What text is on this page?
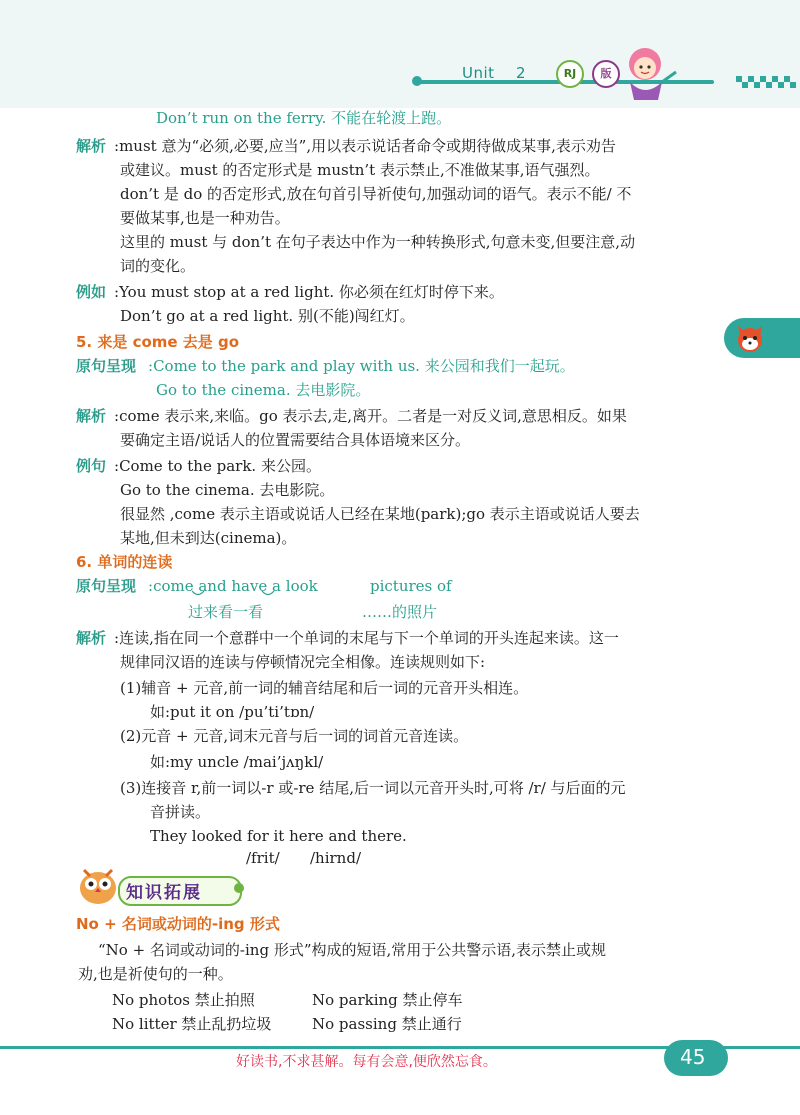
Unit 2	RJ	版
Don’t run on the ferry. 不能在轮渡上跑。
解析 :must 意为“必须,必要,应当”,用以表示说话者命令或期待做成某事,表示劝告
或建议。must 的否定形式是 mustn’t 表示禁止,不准做某事,语气强烈。
don’t 是 do 的否定形式,放在句首引导祈使句,加强动词的语气。表示不能/ 不
要做某事,也是一种劝告。
这里的 must 与 don’t 在句子表达中作为一种转换形式,句意未变,但要注意,动
词的变化。
例如 :You must stop at a red light. 你必须在红灯时停下来。
Don’t go at a red light. 别(不能)闯红灯。
5. 来是 come 去是 go
原句呈现 :Come to the park and play with us. 来公园和我们一起玩。
Go to the cinema. 去电影院。
解析 :come 表示来,来临。go 表示去,走,离开。二者是一对反义词,意思相反。如果
要确定主语/说话人的位置需要结合具体语境来区分。
例句 :Come to the park. 来公园。
Go to the cinema. 去电影院。
很显然 ,come 表示主语或说话人已经在某地(park);go 表示主语或说话人要去
某地,但未到达(cinema)。
6. 单词的连读
原句呈现 :come and have a look	pictures of
过来看一看	……的照片
解析 :连读,指在同一个意群中一个单词的末尾与下一个单词的开头连起来读。这一
规律同汉语的连读与停顿情况完全相像。连读规则如下:
(1)辅音 + 元音,前一词的辅音结尾和后一词的元音开头相连。
如:put it on /pu’ti’tɒn/
(2)元音 + 元音,词末元音与后一词的词首元音连读。
如:my uncle /mai’jʌŋkl/
(3)连接音 r,前一词以-r 或-re 结尾,后一词以元音开头时,可将 /r/ 与后面的元
音拼读。
They looked for it here and there.
/frit/ /hirnd/
知识拓展
No + 名词或动词的-ing 形式
“No + 名词或动词的-ing 形式”构成的短语,常用于公共警示语,表示禁止或规
劝,也是祈使句的一种。
No photos 禁止拍照	No parking 禁止停车
No litter 禁止乱扔垃圾	No passing 禁止通行
好读书,不求甚解。每有会意,便欣然忘食。	45
